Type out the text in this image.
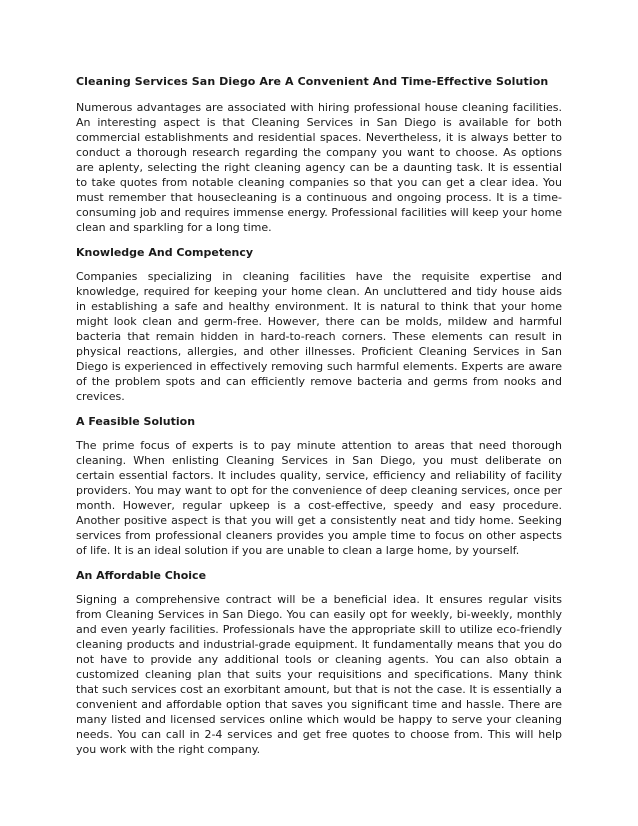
Cleaning Services San Diego Are A Convenient And Time-Effective Solution

Numerous advantages are associated with hiring professional house cleaning facilities. An interesting aspect is that Cleaning Services in San Diego is available for both commercial establishments and residential spaces. Nevertheless, it is always better to conduct a thorough research regarding the company you want to choose. As options are aplenty, selecting the right cleaning agency can be a daunting task. It is essential to take quotes from notable cleaning companies so that you can get a clear idea. You must remember that housecleaning is a continuous and ongoing process. It is a time-consuming job and requires immense energy. Professional facilities will keep your home clean and sparkling for a long time.

Knowledge And Competency

Companies specializing in cleaning facilities have the requisite expertise and knowledge, required for keeping your home clean. An uncluttered and tidy house aids in establishing a safe and healthy environment. It is natural to think that your home might look clean and germ-free. However, there can be molds, mildew and harmful bacteria that remain hidden in hard-to-reach corners. These elements can result in physical reactions, allergies, and other illnesses. Proficient Cleaning Services in San Diego is experienced in effectively removing such harmful elements. Experts are aware of the problem spots and can efficiently remove bacteria and germs from nooks and crevices.

A Feasible Solution

The prime focus of experts is to pay minute attention to areas that need thorough cleaning. When enlisting Cleaning Services in San Diego, you must deliberate on certain essential factors. It includes quality, service, efficiency and reliability of facility providers. You may want to opt for the convenience of deep cleaning services, once per month. However, regular upkeep is a cost-effective, speedy and easy procedure. Another positive aspect is that you will get a consistently neat and tidy home. Seeking services from professional cleaners provides you ample time to focus on other aspects of life. It is an ideal solution if you are unable to clean a large home, by yourself.

An Affordable Choice

Signing a comprehensive contract will be a beneficial idea. It ensures regular visits from Cleaning Services in San Diego. You can easily opt for weekly, bi-weekly, monthly and even yearly facilities. Professionals have the appropriate skill to utilize eco-friendly cleaning products and industrial-grade equipment. It fundamentally means that you do not have to provide any additional tools or cleaning agents. You can also obtain a customized cleaning plan that suits your requisitions and specifications. Many think that such services cost an exorbitant amount, but that is not the case. It is essentially a convenient and affordable option that saves you significant time and hassle. There are many listed and licensed services online which would be happy to serve your cleaning needs. You can call in 2-4 services and get free quotes to choose from. This will help you work with the right company.
